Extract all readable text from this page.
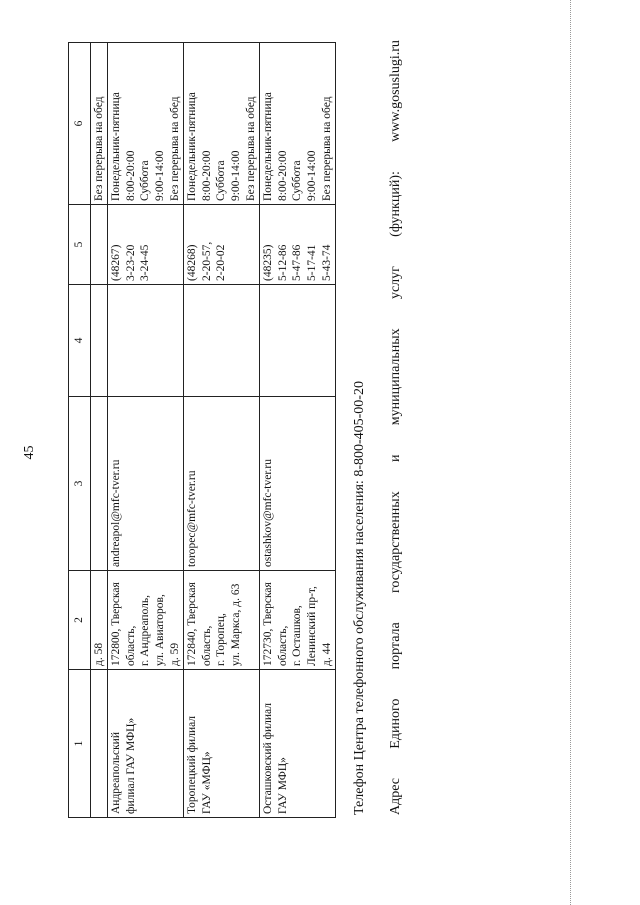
45
1	2	3	4	5	6
	д. 58				Без перерыва на обед
Андреапольский
филиал ГАУ МФЦ»	172800, Тверская
область,
г. Андреаполь,
ул. Авиаторов,
д. 59	andreapol@mfc-tver.ru		(48267)
3-23-20
3-24-45	Понедельник-пятница
8:00-20:00
Суббота
9:00-14:00
Без перерыва на обед
Торопецкий филиал
ГАУ «МФЦ»	172840, Тверская
область,
г. Торопец,
ул. Маркса, д. 63	toropec@mfc-tver.ru		(48268)
2-20-57,
2-20-02	Понедельник-пятница
8:00-20:00
Суббота
9:00-14:00
Без перерыва на обед
Осташковский филиал
ГАУ МФЦ»	172730, Тверская
область,
г. Осташков,
Ленинский пр-т,
д. 44	ostashkov@mfc-tver.ru		(48235)
5-12-86
5-47-86
5-17-41
5-43-74	Понедельник-пятница
8:00-20:00
Суббота
9:00-14:00
Без перерыва на обед
Телефон Центра телефонного обслуживания населения: 8-800-405-00-20 Адрес
Единого
портала
государственных
и
муниципальных
услуг
(функций):
www.gosuslugi.ru
